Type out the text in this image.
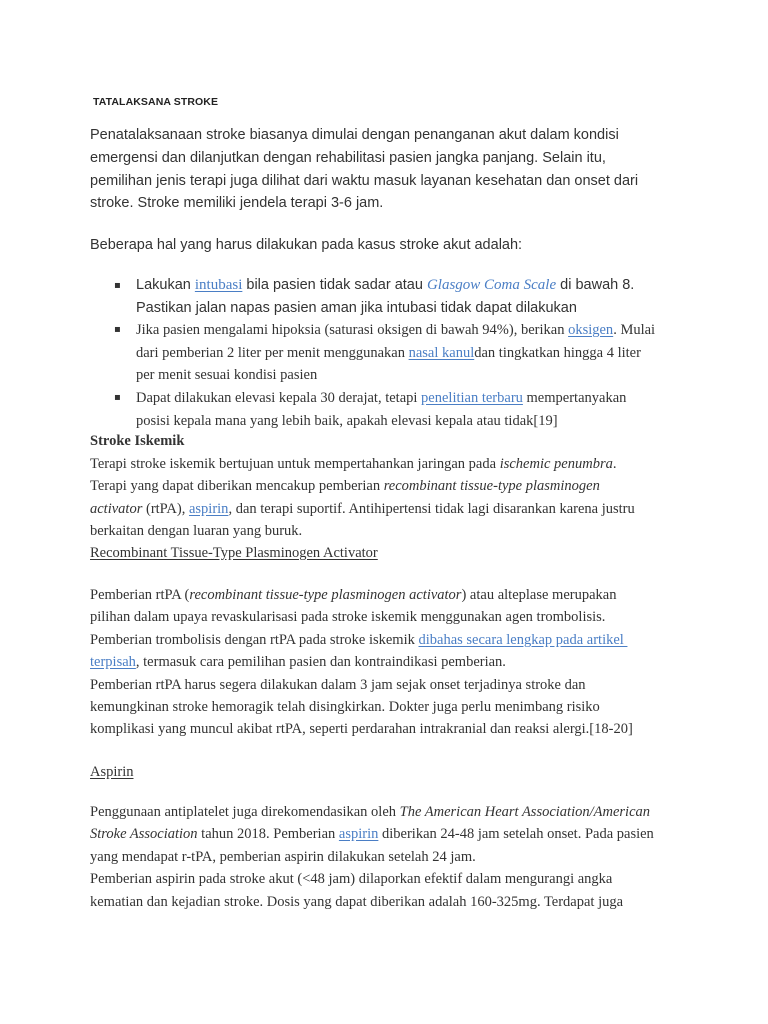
TATALAKSANA STROKE
Penatalaksanaan stroke biasanya dimulai dengan penanganan akut dalam kondisi
emergensi dan dilanjutkan dengan rehabilitasi pasien jangka panjang. Selain itu,
pemilihan jenis terapi juga dilihat dari waktu masuk layanan kesehatan dan onset dari
stroke. Stroke memiliki jendela terapi 3-6 jam.
Beberapa hal yang harus dilakukan pada kasus stroke akut adalah:
▪ Lakukan intubasi bila pasien tidak sadar atau Glasgow Coma Scale di bawah 8.
Pastikan jalan napas pasien aman jika intubasi tidak dapat dilakukan
▪ Jika pasien mengalami hipoksia (saturasi oksigen di bawah 94%), berikan oksigen. Mulai
dari pemberian 2 liter per menit menggunakan nasal kanuldan tingkatkan hingga 4 liter
per menit sesuai kondisi pasien
▪ Dapat dilakukan elevasi kepala 30 derajat, tetapi penelitian terbaru mempertanyakan
posisi kepala mana yang lebih baik, apakah elevasi kepala atau tidak[19]
Stroke Iskemik
Terapi stroke iskemik bertujuan untuk mempertahankan jaringan pada ischemic penumbra.
Terapi yang dapat diberikan mencakup pemberian recombinant tissue-type plasminogen
activator (rtPA), aspirin, dan terapi suportif. Antihipertensi tidak lagi disarankan karena justru
berkaitan dengan luaran yang buruk.
Recombinant Tissue-Type Plasminogen Activator
Pemberian rtPA (recombinant tissue-type plasminogen activator) atau alteplase merupakan
pilihan dalam upaya revaskularisasi pada stroke iskemik menggunakan agen trombolisis.
Pemberian trombolisis dengan rtPA pada stroke iskemik dibahas secara lengkap pada artikel
terpisah, termasuk cara pemilihan pasien dan kontraindikasi pemberian.
Pemberian rtPA harus segera dilakukan dalam 3 jam sejak onset terjadinya stroke dan
kemungkinan stroke hemoragik telah disingkirkan. Dokter juga perlu menimbang risiko
komplikasi yang muncul akibat rtPA, seperti perdarahan intrakranial dan reaksi alergi.[18-20]
Aspirin
Penggunaan antiplatelet juga direkomendasikan oleh The American Heart Association/American
Stroke Association tahun 2018. Pemberian aspirin diberikan 24-48 jam setelah onset. Pada pasien
yang mendapat r-tPA, pemberian aspirin dilakukan setelah 24 jam.
Pemberian aspirin pada stroke akut (<48 jam) dilaporkan efektif dalam mengurangi angka
kematian dan kejadian stroke. Dosis yang dapat diberikan adalah 160-325mg. Terdapat juga
